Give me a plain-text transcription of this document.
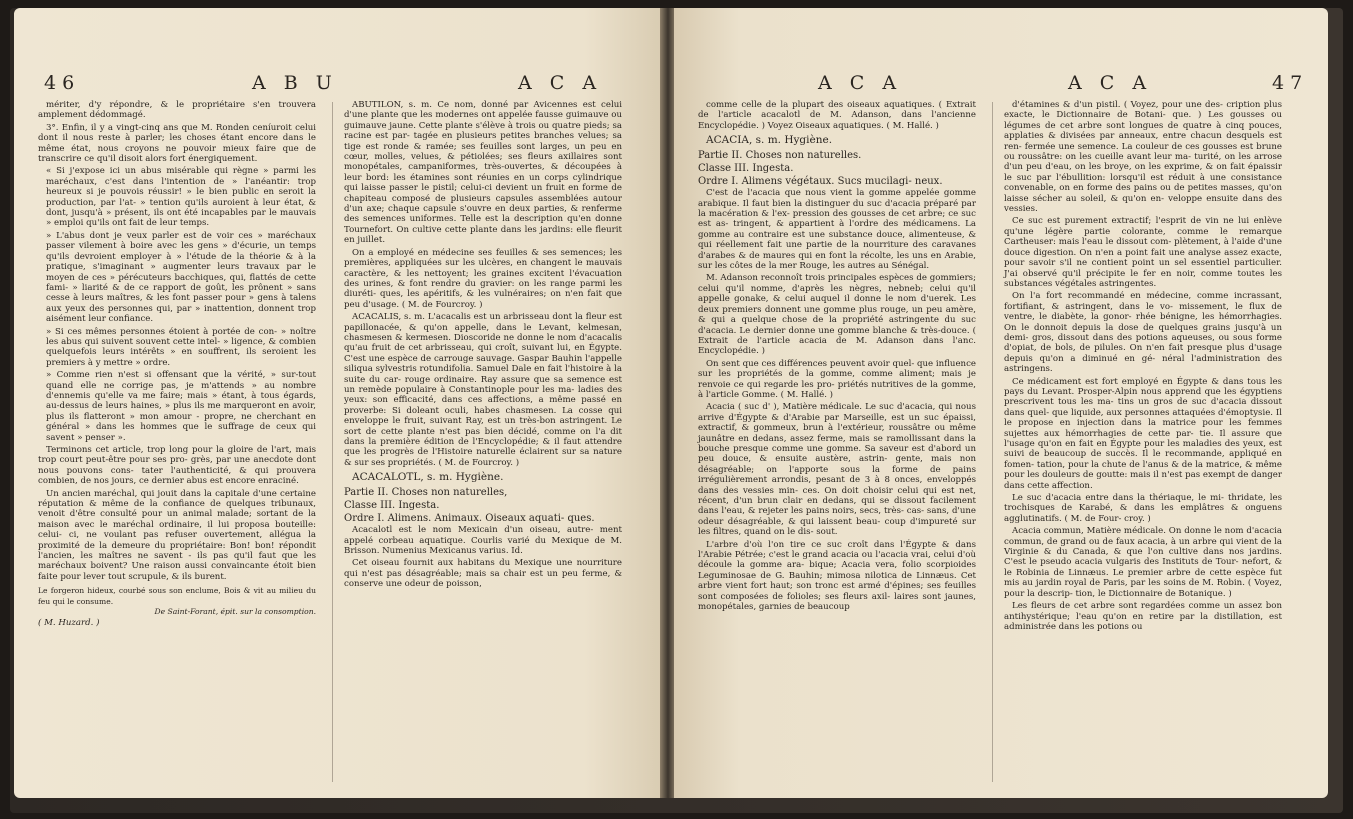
46	A B U	A C A

mériter, d'y répondre, & le propriétaire s'en trouvera amplement dédommagé.

3°. Enfin, il y a vingt-cinq ans que M. Ronden ceníuroit celui dont il nous reste à parler; les choses étant encore dans le même état, nous croyons ne pouvoir mieux faire que de transcrire ce qu'il disoit alors fort énergiquement.

« Si j'expose ici un abus misérable qui règne » parmi les maréchaux, c'est dans l'intention de » l'anéantir: trop heureux si je pouvois réussir! » le bien public en seroit la production, par l'at- » tention qu'ils auroient à leur état, & dont, jusqu'à » présent, ils ont été incapables par le mauvais » emploi qu'ils ont fait de leur temps.

» L'abus dont je veux parler est de voir ces » maréchaux passer vilement à boire avec les gens » d'écurie, un temps qu'ils devroient employer à » l'étude de la théorie & à la pratique, s'imaginant » augmenter leurs travaux par le moyen de ces » pérécuteurs bacchiques, qui, flattés de cette fami- » liarité & de ce rapport de goût, les prônent » sans cesse à leurs maîtres, & les font passer pour » gens à talens aux yeux des personnes qui, par » inattention, donnent trop aisément leur confiance.

» Si ces mêmes personnes étoient à portée de con- » noître les abus qui suivent souvent cette intel- » ligence, & combien quelquefois leurs intérêts » en souffrent, ils seroient les premiers à y mettre » ordre.

» Comme rien n'est si offensant que la vérité, » sur-tout quand elle ne corrige pas, je m'attends » au nombre d'ennemis qu'elle va me faire; mais » étant, à tous égards, au-dessus de leurs haines, » plus ils me marqueront en avoir, plus ils flatteront » mon amour - propre, ne cherchant en général » dans les hommes que le suffrage de ceux qui savent » penser ».

Terminons cet article, trop long pour la gloire de l'art, mais trop court peut-être pour ses pro- grès, par une anecdote dont nous pouvons cons- tater l'authenticité, & qui prouvera combien, de nos jours, ce dernier abus est encore enraciné.

Un ancien maréchal, qui jouit dans la capitale d'une certaine réputation & même de la confiance de quelques tribunaux, venoit d'être consulté pour un animal malade; sortant de la maison avec le maréchal ordinaire, il lui proposa bouteille: celui- ci, ne voulant pas refuser ouvertement, allégua la proximité de la demeure du propriétaire: Bon! bon! répondit l'ancien, les maîtres ne savent - ils pas qu'il faut que les maréchaux boivent? Une raison aussi convaincante étoit bien faite pour lever tout scrupule, & ils burent.

Le forgeron hideux, courbé sous son enclume, Bois & vit au milieu du feu qui le consume.

De Saint-Forant, épit. sur la consomption.

( M. Huzard. )

ABUTILON, s. m. Ce nom, donné par Avicennes est celui d'une plante que les modernes ont appelée fausse guimauve ou guimauve jaune. Cette plante s'élève à trois ou quatre pieds; sa racine est par- tagée en plusieurs petites branches velues; sa tige est ronde & ramée; ses feuilles sont larges, un peu en cœur, molles, velues, & pétiolées; ses fleurs axillaires sont monopétales, campaniformes, très-ouvertes, & découpées à leur bord: les étamines sont réunies en un corps cylindrique qui laisse passer le pistil; celui-ci devient un fruit en forme de chapiteau composé de plusieurs capsules assemblées autour d'un axe; chaque capsule s'ouvre en deux parties, & renferme des semences uniformes. Telle est la description qu'en donne Tournefort. On cultive cette plante dans les jardins: elle fleurit en juillet.

On a employé en médecine ses feuilles & ses semences; les premières, appliquées sur les ulcères, en changent le mauvais caractère, & les nettoyent; les graines excitent l'évacuation des urines, & font rendre du gravier: on les range parmi les diuréti- ques, les apéritifs, & les vulnéraires; on n'en fait que peu d'usage. ( M. de Fourcroy. )

ACACALIS, s. m. L'acacalis est un arbrisseau dont la fleur est papillonacée, & qu'on appelle, dans le Levant, kelmesan, chasmesen & kermesen. Dioscoride ne donne le nom d'acacalis qu'au fruit de cet arbrisseau, qui croît, suivant lui, en Égypte. C'est une espèce de carrouge sauvage. Gaspar Bauhin l'appelle siliqua sylvestris rotundifolia. Samuel Dale en fait l'histoire à la suite du car- rouge ordinaire. Ray assure que sa semence est un remède populaire à Constantinople pour les ma- ladies des yeux: son efficacité, dans ces affections, a même passé en proverbe: Si doleant oculi, habes chasmesen. La cosse qui enveloppe le fruit, suivant Ray, est un très-bon astringent. Le sort de cette plante n'est pas bien décidé, comme on l'a dit dans la première édition de l'Encyclopédie; & il faut attendre que les progrès de l'Histoire naturelle éclairent sur sa nature & sur ses propriétés. ( M. de Fourcroy. )

ACACALOTL, s. m. Hygiène.

Partie II. Choses non naturelles,

Classe III. Ingesta.

Ordre I. Alimens. Animaux. Oiseaux aquati- ques.

Acacalotl est le nom Mexicain d'un oiseau, autre- ment appelé corbeau aquatique. Courlis varié du Mexique de M. Brisson. Numenius Mexicanus varius. Id.

Cet oiseau fournit aux habitans du Mexique une nourriture qui n'est pas désagréable; mais sa chair est un peu ferme, & conserve une odeur de poisson,

A C A	A C A	47

comme celle de la plupart des oiseaux aquatiques. ( Extrait de l'article acacalotl de M. Adanson, dans l'ancienne Encyclopédie. ) Voyez Oiseaux aquatiques. ( M. Hallé. )

ACACIA, s. m. Hygiène.

Partie II. Choses non naturelles.

Classe III. Ingesta.

Ordre I. Alimens végétaux. Sucs mucilagi- neux.

C'est de l'acacia que nous vient la gomme appelée gomme arabique. Il faut bien la distinguer du suc d'acacia préparé par la macération & l'ex- pression des gousses de cet arbre; ce suc est as- tringent, & appartient à l'ordre des médicamens. La gomme au contraire est une substance douce, alimenteuse, & qui réellement fait une partie de la nourriture des caravanes d'arabes & de maures qui en font la récolte, les uns en Arabie, sur les côtes de la mer Rouge, les autres au Sénégal.

M. Adanson reconnoît trois principales espèces de gommiers; celui qu'il nomme, d'après les nègres, nebneb; celui qu'il appelle gonake, & celui auquel il donne le nom d'uerek. Les deux premiers donnent une gomme plus rouge, un peu amère, & qui a quelque chose de la propriété astringente du suc d'acacia. Le dernier donne une gomme blanche & très-douce. ( Extrait de l'article acacia de M. Adanson dans l'anc. Encyclopédie. )

On sent que ces différences peuvent avoir quel- que influence sur les propriétés de la gomme, comme aliment; mais je renvoie ce qui regarde les pro- priétés nutritives de la gomme, à l'article Gomme. ( M. Hallé. )

Acacia ( suc d' ), Matière médicale. Le suc d'acacia, qui nous arrive d'Égypte & d'Arabie par Marseille, est un suc épaissi, extractif, & gommeux, brun à l'extérieur, roussâtre ou même jaunâtre en dedans, assez ferme, mais se ramollissant dans la bouche presque comme une gomme. Sa saveur est d'abord un peu douce, & ensuite austère, astrin- gente, mais non désagréable; on l'apporte sous la forme de pains irrégulièrement arrondis, pesant de 3 à 8 onces, enveloppés dans des vessies min- ces. On doit choisir celui qui est net, récent, d'un brun clair en dedans, qui se dissout facilement dans l'eau, & rejeter les pains noirs, secs, très- cas- sans, d'une odeur désagréable, & qui laissent beau- coup d'impureté sur les filtres, quand on le dis- sout.

L'arbre d'où l'on tire ce suc croît dans l'Égypte & dans l'Arabie Pétrée; c'est le grand acacia ou l'acacia vrai, celui d'où découle la gomme ara- bique; Acacia vera, folio scorpioides Leguminosae de G. Bauhin; mimosa nilotica de Linnæus. Cet arbre vient fort haut; son tronc est armé d'épines; ses feuilles sont composées de folioles; ses fleurs axil- laires sont jaunes, monopétales, garnies de beaucoup

d'étamines & d'un pistil. ( Voyez, pour une des- cription plus exacte, le Dictionnaire de Botani- que. ) Les gousses ou légumes de cet arbre sont longues de quatre à cinq pouces, applaties & divisées par anneaux, entre chacun desquels est ren- fermée une semence. La couleur de ces gousses est brune ou roussâtre: on les cueille avant leur ma- turité, on les arrose d'un peu d'eau, on les broye, on les exprime, & on fait épaissir le suc par l'ébullition: lorsqu'il est réduit à une consistance convenable, on en forme des pains ou de petites masses, qu'on laisse sécher au soleil, & qu'on en- veloppe ensuite dans des vessies.

Ce suc est purement extractif; l'esprit de vin ne lui enlève qu'une légère partie colorante, comme le remarque Cartheuser: mais l'eau le dissout com- plètement, à l'aide d'une douce digestion. On n'en a point fait une analyse assez exacte, pour savoir s'il ne contient point un sel essentiel particulier. J'ai observé qu'il précipite le fer en noir, comme toutes les substances végétales astringentes.

On l'a fort recommandé en médecine, comme incrassant, fortifiant, & astringent, dans le vo- missement, le flux de ventre, le diabète, la gonor- rhée bénigne, les hémorrhagies. On le donnoit depuis la dose de quelques grains jusqu'à un demi- gros, dissout dans des potions aqueuses, ou sous forme d'opiat, de bols, de pilules. On n'en fait presque plus d'usage depuis qu'on a diminué en gé- néral l'administration des astringens.

Ce médicament est fort employé en Égypte & dans tous les pays du Levant. Prosper-Alpin nous apprend que les égyptiens prescrivent tous les ma- tins un gros de suc d'acacia dissout dans quel- que liquide, aux personnes attaquées d'émoptysie. Il le propose en injection dans la matrice pour les femmes sujettes aux hémorrhagies de cette par- tie. Il assure que l'usage qu'on en fait en Égypte pour les maladies des yeux, est suivi de beaucoup de succès. Il le recommande, appliqué en fomen- tation, pour la chute de l'anus & de la matrice, & même pour les douleurs de goutte: mais il n'est pas exempt de danger dans cette affection.

Le suc d'acacia entre dans la thériaque, le mi- thridate, les trochisques de Karabé, & dans les emplâtres & onguens agglutinatifs. ( M. de Four- croy. )

Acacia commun, Matière médicale. On donne le nom d'acacia commun, de grand ou de faux acacia, à un arbre qui vient de la Virginie & du Canada, & que l'on cultive dans nos jardins. C'est le pseudo acacia vulgaris des Instituts de Tour- nefort, & le Robinia de Linnæus. Le premier arbre de cette espèce fut mis au jardin royal de Paris, par les soins de M. Robin. ( Voyez, pour la descrip- tion, le Dictionnaire de Botanique. )

Les fleurs de cet arbre sont regardées comme un assez bon antihystérique; l'eau qu'on en retire par la distillation, est administrée dans les potions ou
